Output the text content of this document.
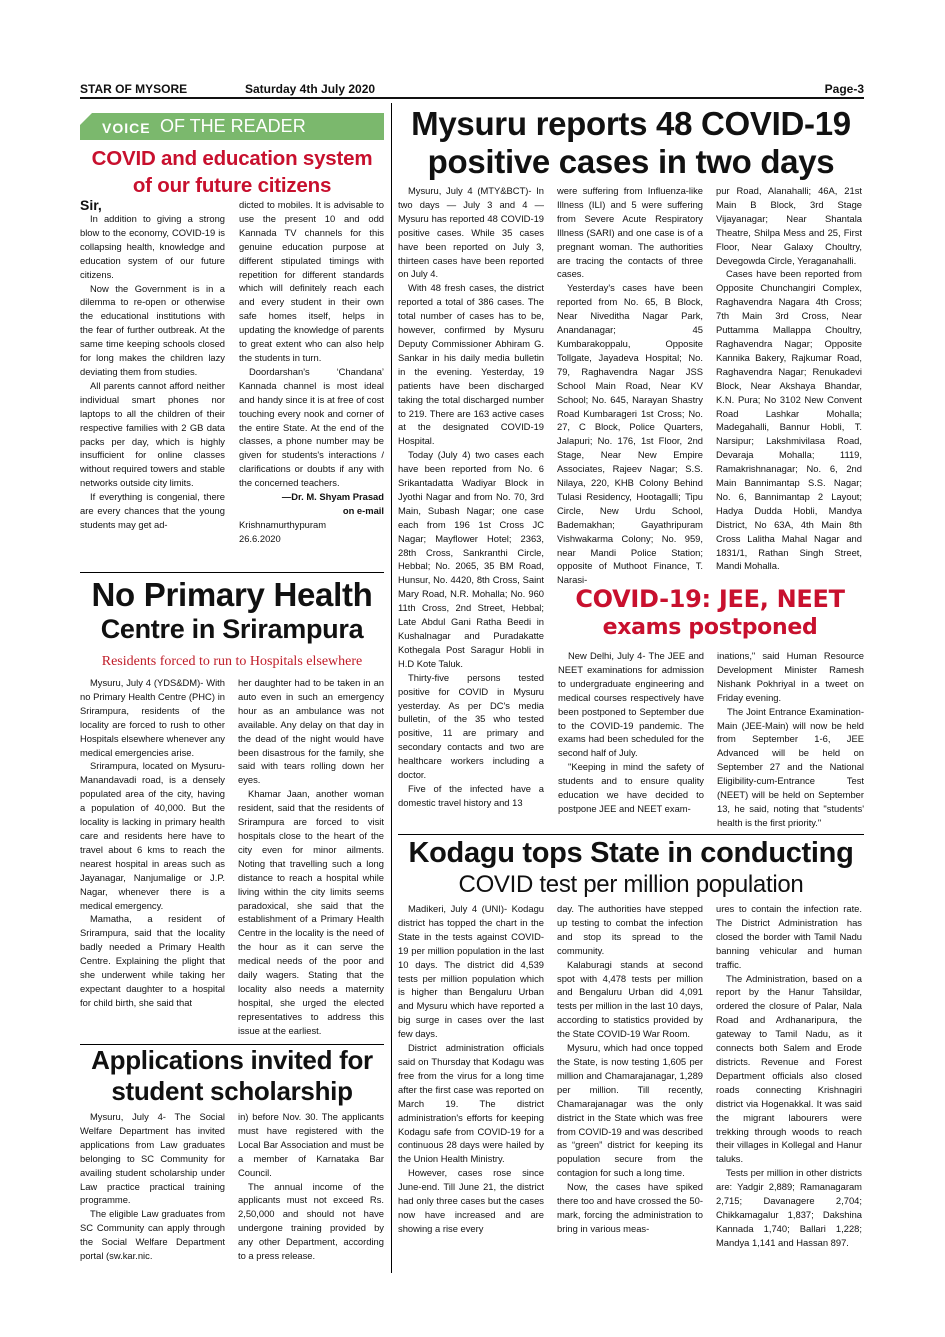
STAR OF MYSORE	Saturday 4th July 2020	Page-3
VOICE OF THE READER
COVID and education system
of our future citizens

Sir,

In addition to giving a strong blow to the economy, COVID-19 is collapsing health, knowledge and education system of our future citizens.

Now the Government is in a dilemma to re-open or otherwise the educational institutions with the fear of further outbreak. At the same time keeping schools closed for long makes the children lazy deviating them from studies.

All parents cannot afford neither individual smart phones nor laptops to all the children of their respective families with 2 GB data packs per day, which is highly insufficient for online classes without required towers and stable networks outside city limits.

If everything is congenial, there are every chances that the young students may get ad-

dicted to mobiles. It is advisable to use the present 10 and odd Kannada TV channels for this genuine education purpose at different stipulated timings with repetition for different standards which will definitely reach each and every student in their own safe homes itself, helps in updating the knowledge of parents to great extent who can also help the students in turn.

Doordarshan's ‘Chandana’ Kannada channel is most ideal and handy since it is at free of cost touching every nook and corner of the entire State. At the end of the classes, a phone number may be given for students's interactions / clarifications or doubts if any with the concerned teachers.

—Dr. M. Shyam Prasad
on e-mail
Krishnamurthypuram
26.6.2020
No Primary Health
Centre in Srirampura
Residents forced to run to Hospitals elsewhere

Mysuru, July 4 (YDS&DM)- With no Primary Health Centre (PHC) in Srirampura, residents of the locality are forced to rush to other Hospitals elsewhere whenever any medical emergencies arise.

Srirampura, located on Mysuru-Manandavadi road, is a densely populated area of the city, having a population of 40,000. But the locality is lacking in primary health care and residents here have to travel about 6 kms to reach the nearest hospital in areas such as Jayanagar, Nanjumalige or J.P. Nagar, whenever there is a medical emergency.

Mamatha, a resident of Srirampura, said that the locality badly needed a Primary Health Centre. Explaining the plight that she underwent while taking her expectant daughter to a hospital for child birth, she said that

her daughter had to be taken in an auto even in such an emergency hour as an ambulance was not available. Any delay on that day in the dead of the night would have been disastrous for the family, she said with tears rolling down her eyes.

Khamar Jaan, another woman resident, said that the residents of Srirampura are forced to visit hospitals close to the heart of the city even for minor ailments. Noting that travelling such a long distance to reach a hospital while living within the city limits seems paradoxical, she said that the establishment of a Primary Health Centre in the locality is the need of the hour as it can serve the medical needs of the poor and daily wagers. Stating that the locality also needs a maternity hospital, she urged the elected representatives to address this issue at the earliest.

Applications invited for
student scholarship

Mysuru, July 4- The Social Welfare Department has invited applications from Law graduates belonging to SC Community for availing student scholarship under Law practice practical training programme.

The eligible Law graduates from SC Community can apply through the Social Welfare Department portal (sw.kar.nic.

in) before Nov. 30. The applicants must have registered with the Local Bar Association and must be a member of Karnataka Bar Council.

The annual income of the applicants must not exceed Rs. 2,50,000 and should not have undergone training provided by any other Department, according to a press release.

Mysuru reports 48 COVID-19
positive cases in two days

Mysuru, July 4 (MTY&BCT)- In two days — July 3 and 4 — Mysuru has reported 48 COVID-19 positive cases. While 35 cases have been reported on July 3, thirteen cases have been reported on July 4.

With 48 fresh cases, the district reported a total of 386 cases. The total number of cases has to be, however, confirmed by Mysuru Deputy Commissioner Abhiram G. Sankar in his daily media bulletin in the evening. Yesterday, 19 patients have been discharged taking the total discharged number to 219. There are 163 active cases at the designated COVID-19 Hospital.

Today (July 4) two cases each have been reported from No. 6 Srikantadatta Wadiyar Block in Jyothi Nagar and from No. 70, 3rd Main, Subash Nagar; one case each from 196 1st Cross JC Nagar; Mayflower Hotel; 2363, 28th Cross, Sankranthi Circle, Hebbal; No. 2065, 35 BM Road, Hunsur, No. 4420, 8th Cross, Saint Mary Road, N.R. Mohalla; No. 960 11th Cross, 2nd Street, Hebbal; Late Abdul Gani Ratha Beedi in Kushalnagar and Puradakatte Kothegala Post Saragur Hobli in H.D Kote Taluk.

Thirty-five persons tested positive for COVID in Mysuru yesterday. As per DC's media bulletin, of the 35 who tested positive, 11 are primary and secondary contacts and two are healthcare workers including a doctor.

Five of the infected have a domestic travel history and 13

were suffering from Influenza-like Illness (ILI) and 5 were suffering from Severe Acute Respiratory Illness (SARI) and one case is of a pregnant woman. The authorities are tracing the contacts of three cases.

Yesterday's cases have been reported from No. 65, B Block, Near Niveditha Nagar Park, Anandanagar; 45 Kumbarakoppalu, Opposite Tollgate, Jayadeva Hospital; No. 79, Raghavendra Nagar JSS School Main Road, Near KV School; No. 645, Narayan Shastry Road Kumbarageri 1st Cross; No. 27, C Block, Police Quarters, Jalapuri; No. 176, 1st Floor, 2nd Stage, Near New Empire Associates, Rajeev Nagar; S.S. Nilaya, 220, KHB Colony Behind Tulasi Residency, Hootagalli; Tipu Circle, New Urdu School, Bademakhan; Gayathripuram Vishwakarma Colony; No. 959, near Mandi Police Station; opposite of Muthoot Finance, T. Narasi-

pur Road, Alanahalli; 46A, 21st Main B Block, 3rd Stage Vijayanagar; Near Shantala Theatre, Shilpa Mess and 25, First Floor, Near Galaxy Choultry, Devegowda Circle, Yeraganahalli.

Cases have been reported from Opposite Chunchangiri Complex, Raghavendra Nagara 4th Cross; 7th Main 3rd Cross, Near Puttamma Mallappa Choultry, Raghavendra Nagar; Opposite Kannika Bakery, Rajkumar Road, Raghavendra Nagar; Renukadevi Block, Near Akshaya Bhandar, K.N. Pura; No 3102 New Convent Road Lashkar Mohalla; Madegahalli, Bannur Hobli, T. Narsipur; Lakshmivilasa Road, Devaraja Mohalla; 1119, Ramakrishnanagar; No. 6, 2nd Main Bannimantap S.S. Nagar; No. 6, Bannimantap 2 Layout; Hadya Dudda Hobli, Mandya District, No 63A, 4th Main 8th Cross Lalitha Mahal Nagar and 1831/1, Rathan Singh Street, Mandi Mohalla.

COVID-19: JEE, NEET
exams postponed

New Delhi, July 4- The JEE and NEET examinations for admission to undergraduate engineering and medical courses respectively have been postponed to September due to the COVID-19 pandemic. The exams had been scheduled for the second half of July.

"Keeping in mind the safety of students and to ensure quality education we have decided to postpone JEE and NEET exam-

inations," said Human Resource Development Minister Ramesh Nishank Pokhriyal in a tweet on Friday evening.

The Joint Entrance Examination-Main (JEE-Main) will now be held from September 1-6, JEE Advanced will be held on September 27 and the National Eligibility-cum-Entrance Test (NEET) will be held on September 13, he said, noting that "students' health is the first priority."

Kodagu tops State in conducting
COVID test per million population

Madikeri, July 4 (UNI)- Kodagu district has topped the chart in the State in the tests against COVID-19 per million population in the last 10 days. The district did 4,539 tests per million population which is higher than Bengaluru Urban and Mysuru which have reported a big surge in cases over the last few days.

District administration officials said on Thursday that Kodagu was free from the virus for a long time after the first case was reported on March 19. The district administration's efforts for keeping Kodagu safe from COVID-19 for a continuous 28 days were hailed by the Union Health Ministry.

However, cases rose since June-end. Till June 21, the district had only three cases but the cases now have increased and are showing a rise every

day. The authorities have stepped up testing to combat the infection and stop its spread to the community.

Kalaburagi stands at second spot with 4,478 tests per million and Bengaluru Urban did 4,091 tests per million in the last 10 days, according to statistics provided by the State COVID-19 War Room.

Mysuru, which had once topped the State, is now testing 1,605 per million and Chamarajanagar, 1,289 per million. Till recently, Chamarajanagar was the only district in the State which was free from COVID-19 and was described as “green” district for keeping its population secure from the contagion for such a long time.

Now, the cases have spiked there too and have crossed the 50-mark, forcing the administration to bring in various meas-

ures to contain the infection rate. The District Administration has closed the border with Tamil Nadu banning vehicular and human traffic.

The Administration, based on a report by the Hanur Tahsildar, ordered the closure of Palar, Nala Road and Ardhanaripura, the gateway to Tamil Nadu, as it connects both Salem and Erode districts. Revenue and Forest Department officials also closed roads connecting Krishnagiri district via Hogenakkal. It was said the migrant labourers were trekking through woods to reach their villages in Kollegal and Hanur taluks.

Tests per million in other districts are: Yadgir 2,889; Ramanagaram 2,715; Davanagere 2,704; Chikkamagalur 1,837; Dakshina Kannada 1,740; Ballari 1,228; Mandya 1,141 and Hassan 897.
